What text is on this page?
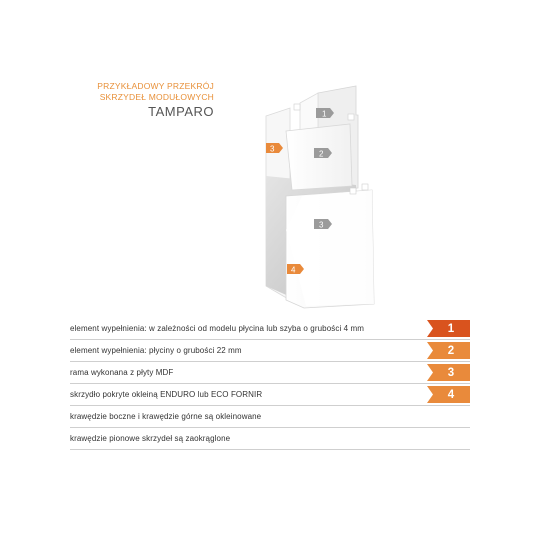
PRZYKŁADOWY PRZEKRÓJ
SKRZYDEŁ MODUŁOWYCH
TAMPARO	1
2
3
3
4
element wypełnienia: w zależności od modelu płycina lub szyba o grubości 4 mm	1
element wypełnienia: płyciny o grubości 22 mm	2
rama wykonana z płyty MDF	3
skrzydło pokryte okleiną ENDURO lub ECO FORNIR	4
krawędzie boczne i krawędzie górne są okleinowane
krawędzie pionowe skrzydeł są zaokrąglone
